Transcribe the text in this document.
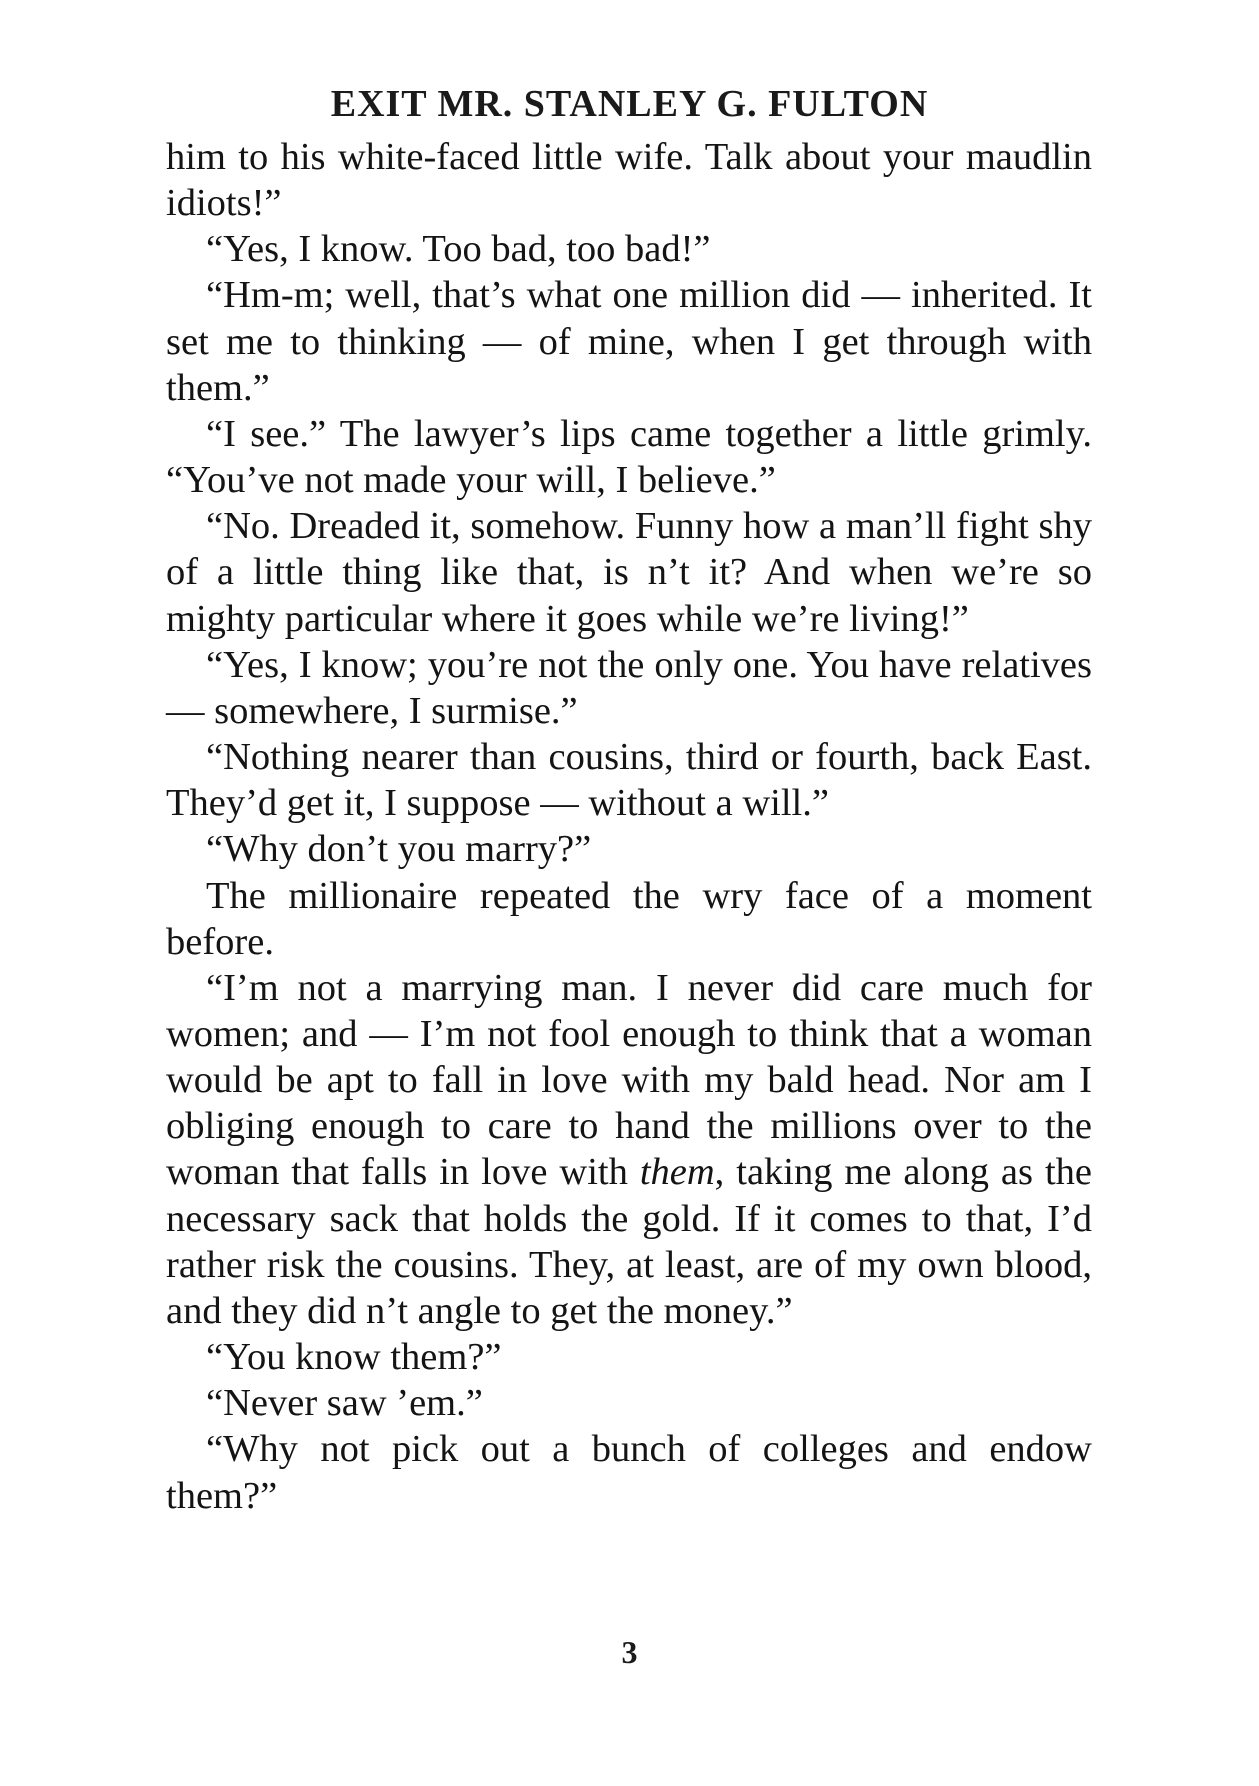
EXIT MR. STANLEY G. FULTON

him to his white-faced little wife. Talk about your maudlin idiots!”

“Yes, I know. Too bad, too bad!”

“Hm-m; well, that’s what one million did — inherited. It set me to thinking — of mine, when I get through with them.”

“I see.” The lawyer’s lips came together a little grimly. “You’ve not made your will, I believe.”

“No. Dreaded it, somehow. Funny how a man’ll fight shy of a little thing like that, is n’t it? And when we’re so mighty particular where it goes while we’re living!”

“Yes, I know; you’re not the only one. You have relatives — somewhere, I surmise.”

“Nothing nearer than cousins, third or fourth, back East. They’d get it, I suppose — without a will.”

“Why don’t you marry?”

The millionaire repeated the wry face of a moment before.

“I’m not a marrying man. I never did care much for women; and — I’m not fool enough to think that a woman would be apt to fall in love with my bald head. Nor am I obliging enough to care to hand the millions over to the woman that falls in love with them, taking me along as the necessary sack that holds the gold. If it comes to that, I’d rather risk the cousins. They, at least, are of my own blood, and they did n’t angle to get the money.”

“You know them?”

“Never saw ’em.”

“Why not pick out a bunch of colleges and endow them?”

3
